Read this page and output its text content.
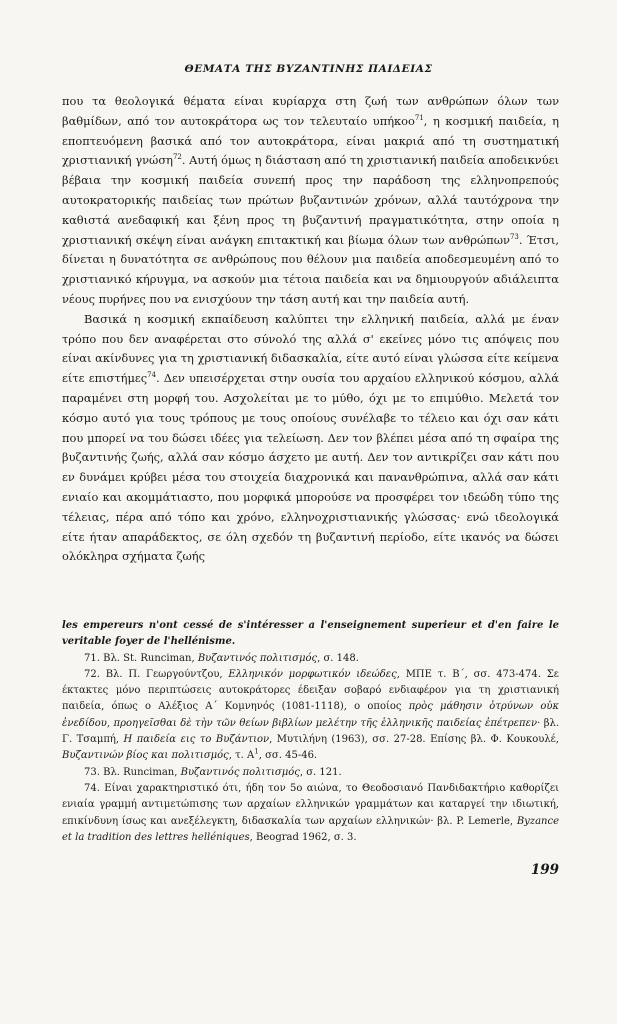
ΘΕΜΑΤΑ ΤΗΣ ΒΥΖΑΝΤΙΝΗΣ ΠΑΙΔΕΙΑΣ

που τα θεολογικά θέματα είναι κυρίαρχα στη ζωή των ανθρώπων όλων των βαθμίδων, από τον αυτοκράτορα ως τον τελευταίο υπήκοο$^{71}$, η κοσμική παιδεία, η εποπτευόμενη βασικά από τον αυτοκράτορα, είναι μακριά από τη συστηματική χριστιανική γνώση$^{72}$. Αυτή όμως η διάσταση από τη χριστιανική παιδεία αποδεικνύει βέβαια την κοσμική παιδεία συνεπή προς την παράδοση της ελληνοπρεπούς αυτοκρατορικής παιδείας των πρώτων βυζαντινών χρόνων, αλλά ταυτόχρονα την καθιστά ανεδαφική και ξένη προς τη βυζαντινή πραγματικότητα, στην οποία η χριστιανική σκέψη είναι ανάγκη επιτακτική και βίωμα όλων των ανθρώπων$^{73}$. Έτσι, δίνεται η δυνατότητα σε ανθρώπους που θέλουν μια παιδεία αποδεσμευμένη από το χριστιανικό κήρυγμα, να ασκούν μια τέτοια παιδεία και να δημιουργούν αδιάλειπτα νέους πυρήνες που να ενισχύουν την τάση αυτή και την παιδεία αυτή.

Βασικά η κοσμική εκπαίδευση καλύπτει την ελληνική παιδεία, αλλά με έναν τρόπο που δεν αναφέρεται στο σύνολό της αλλά σ' εκείνες μόνο τις απόψεις που είναι ακίνδυνες για τη χριστιανική διδασκαλία, είτε αυτό είναι γλώσσα είτε κείμενα είτε επιστήμες$^{74}$. Δεν υπεισέρχεται στην ουσία του αρχαίου ελληνικού κόσμου, αλλά παραμένει στη μορφή του. Ασχολείται με το μύθο, όχι με το επιμύθιο. Μελετά τον κόσμο αυτό για τους τρόπους με τους οποίους συνέλαβε το τέλειο και όχι σαν κάτι που μπορεί να του δώσει ιδέες για τελείωση. Δεν τον βλέπει μέσα από τη σφαίρα της βυζαντινής ζωής, αλλά σαν κόσμο άσχετο με αυτή. Δεν τον αντικρίζει σαν κάτι που εν δυνάμει κρύβει μέσα του στοιχεία διαχρονικά και πανανθρώπινα, αλλά σαν κάτι ενιαίο και ακομμάτιαστο, που μορφικά μπορούσε να προσφέρει τον ιδεώδη τύπο της τέλειας, πέρα από τόπο και χρόνο, ελληνοχριστιανικής γλώσσας· ενώ ιδεολογικά είτε ήταν απαράδεκτος, σε όλη σχεδόν τη βυζαντινή περίοδο, είτε ικανός να δώσει ολόκληρα σχήματα ζωής

les empereurs n'ont cessé de s'intéresser a l'enseignement superieur et d'en faire le veritable foyer de l'hellénisme.

71. Βλ. St. Runciman, Βυζαντινός πολιτισμός, σ. 148.

72. Βλ. Π. Γεωργούντζου, Ελληνικόν μορφωτικόν ιδεώδες, ΜΠΕ τ. Β΄, σσ. 473-474. Σε έκτακτες μόνο περιπτώσεις αυτοκράτορες έδειξαν σοβαρό ενδιαφέρον για τη χριστιανική παιδεία, όπως ο Αλέξιος Α΄ Κομνηνός (1081-1118), ο οποίος πρὸς μάθησιν ὀτρύνων οὐκ ἐνεδίδου, προηγεῖσθαι δὲ τὴν τῶν θείων βιβλίων μελέτην τῆς ἑλληνικῆς παιδείας ἐπέτρεπεν· βλ. Γ. Τσαμπή, Η παιδεία εις το Βυζάντιον, Μυτιλήνη (1963), σσ. 27-28. Επίσης βλ. Φ. Κουκουλέ, Βυζαντινών βίος και πολιτισμός, τ. $A^1$, σσ. 45-46.

73. Βλ. Runciman, Βυζαντινός πολιτισμός, σ. 121.

74. Είναι χαρακτηριστικό ότι, ήδη τον 5ο αιώνα, το Θεοδοσιανό Πανδιδακτήριο καθορίζει ενιαία γραμμή αντιμετώπισης των αρχαίων ελληνικών γραμμάτων και καταργεί την ιδιωτική, επικίνδυνη ίσως και ανεξέλεγκτη, διδασκαλία των αρχαίων ελληνικών· βλ. P. Lemerle, Byzance et la tradition des lettres helléniques, Beograd 1962, σ. 3.

199
